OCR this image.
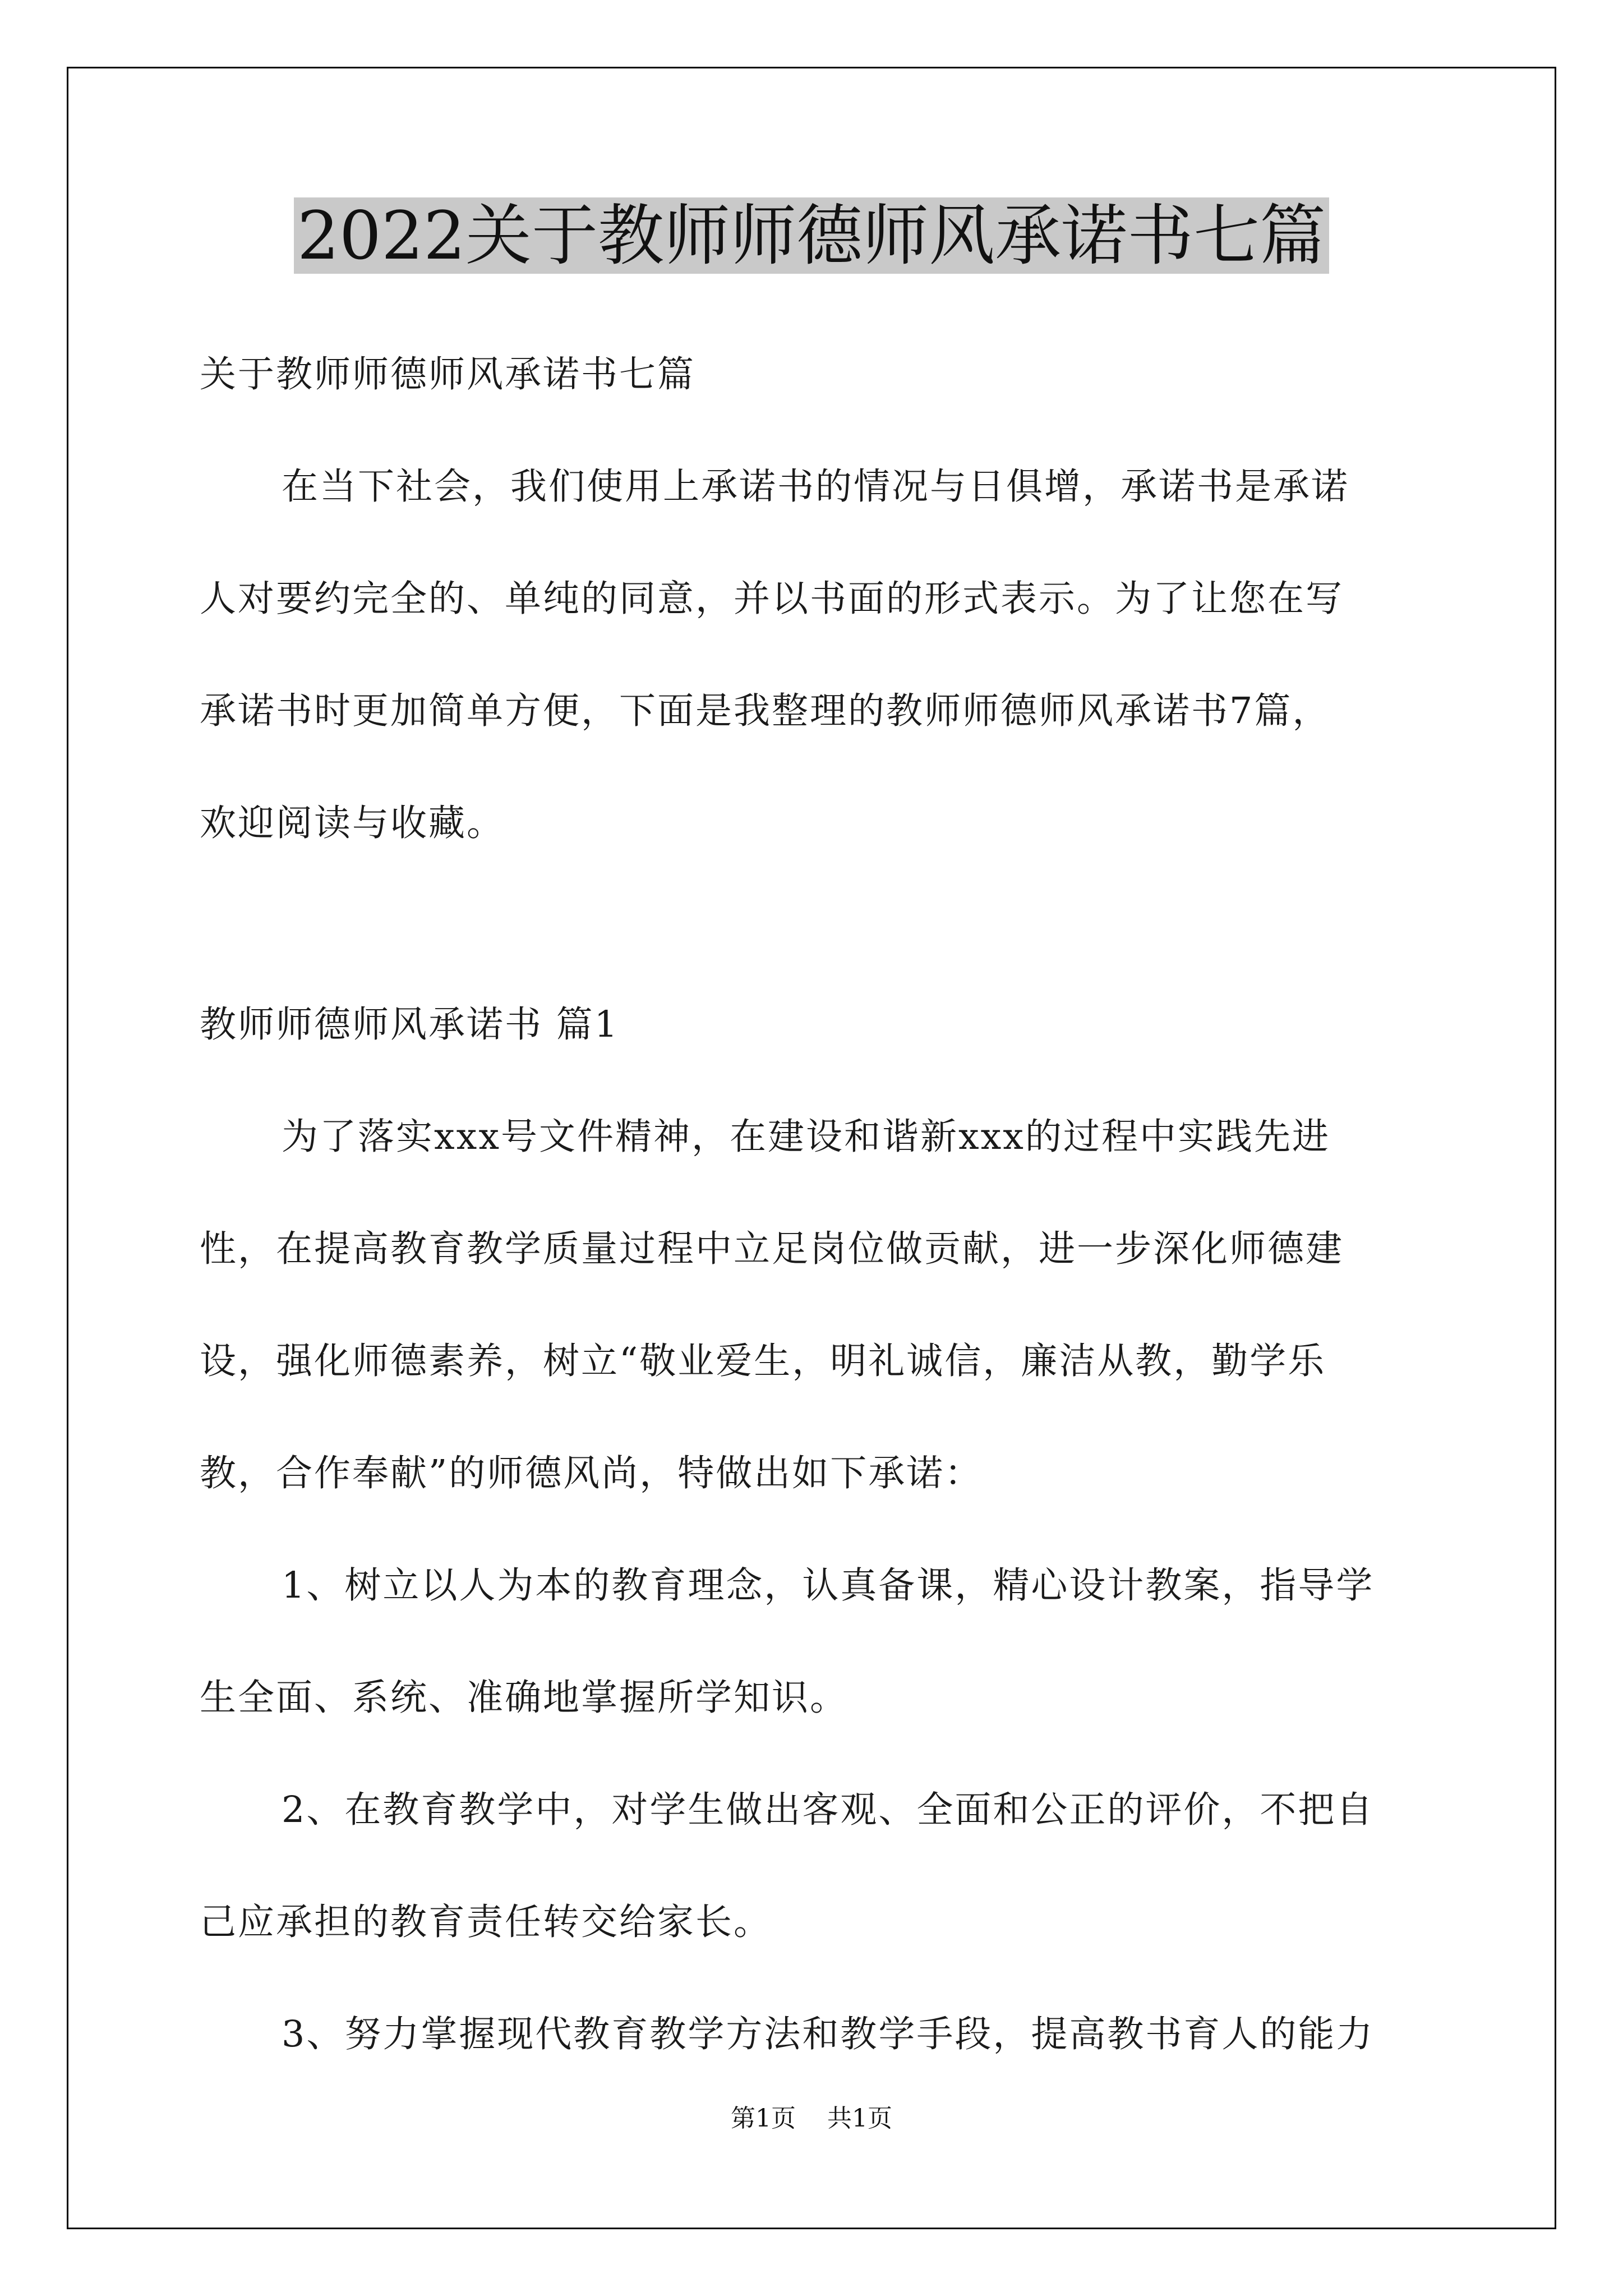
2022关于教师师德师风承诺书七篇
关于教师师德师风承诺书七篇
在当下社会，我们使用上承诺书的情况与日俱增，承诺书是承诺
人对要约完全的、单纯的同意，并以书面的形式表示。为了让您在写
承诺书时更加简单方便，下面是我整理的教师师德师风承诺书7篇，
欢迎阅读与收藏。
教师师德师风承诺书 篇1
为了落实xxx号文件精神，在建设和谐新xxx的过程中实践先进
性，在提高教育教学质量过程中立足岗位做贡献，进一步深化师德建
设，强化师德素养，树立“敬业爱生，明礼诚信，廉洁从教，勤学乐
教，合作奉献”的师德风尚，特做出如下承诺：
1、树立以人为本的教育理念，认真备课，精心设计教案，指导学
生全面、系统、准确地掌握所学知识。
2、在教育教学中，对学生做出客观、全面和公正的评价，不把自
己应承担的教育责任转交给家长。
3、努力掌握现代教育教学方法和教学手段，提高教书育人的能力
第1页 共1页
